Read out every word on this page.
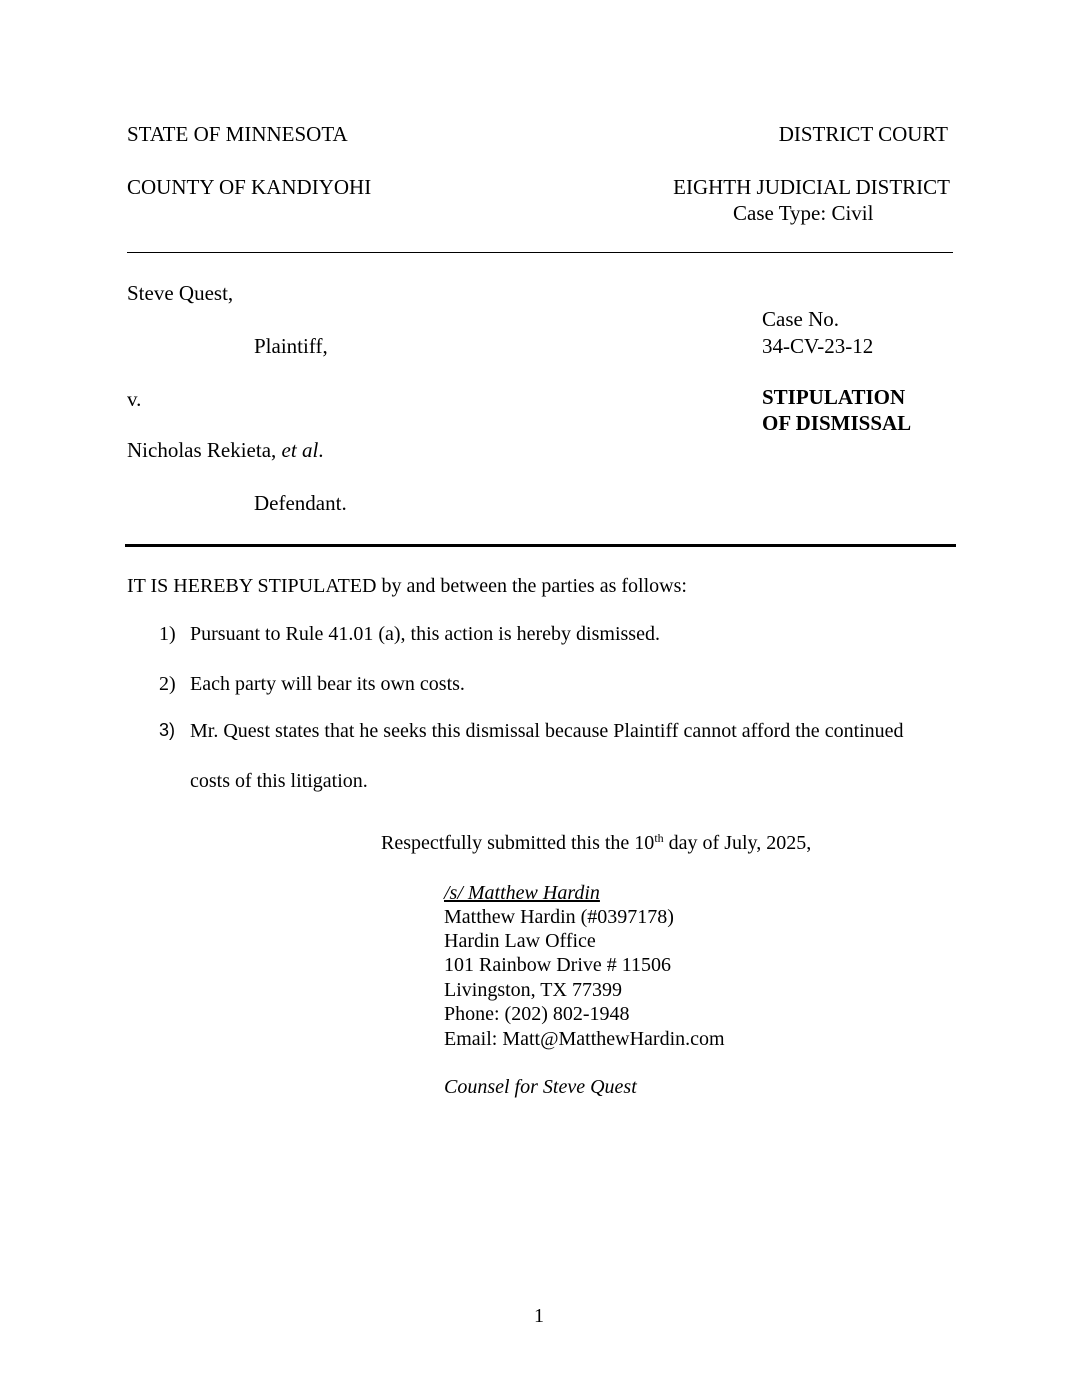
STATE OF MINNESOTA	DISTRICT COURT
COUNTY OF KANDIYOHI	EIGHTH JUDICIAL DISTRICT
Case Type: Civil
Steve Quest,
Plaintiff,
v.
Nicholas Rekieta, et al.
Defendant.
Case No.
34-CV-23-12
STIPULATION
OF DISMISSAL
IT IS HEREBY STIPULATED by and between the parties as follows:
1) Pursuant to Rule 41.01 (a), this action is hereby dismissed.
2) Each party will bear its own costs.
3) Mr. Quest states that he seeks this dismissal because Plaintiff cannot afford the continued
costs of this litigation.
Respectfully submitted this the 10th day of July, 2025,
/s/ Matthew Hardin
Matthew Hardin (#0397178)
Hardin Law Office
101 Rainbow Drive # 11506
Livingston, TX 77399
Phone: (202) 802-1948
Email: Matt@MatthewHardin.com
Counsel for Steve Quest
1
